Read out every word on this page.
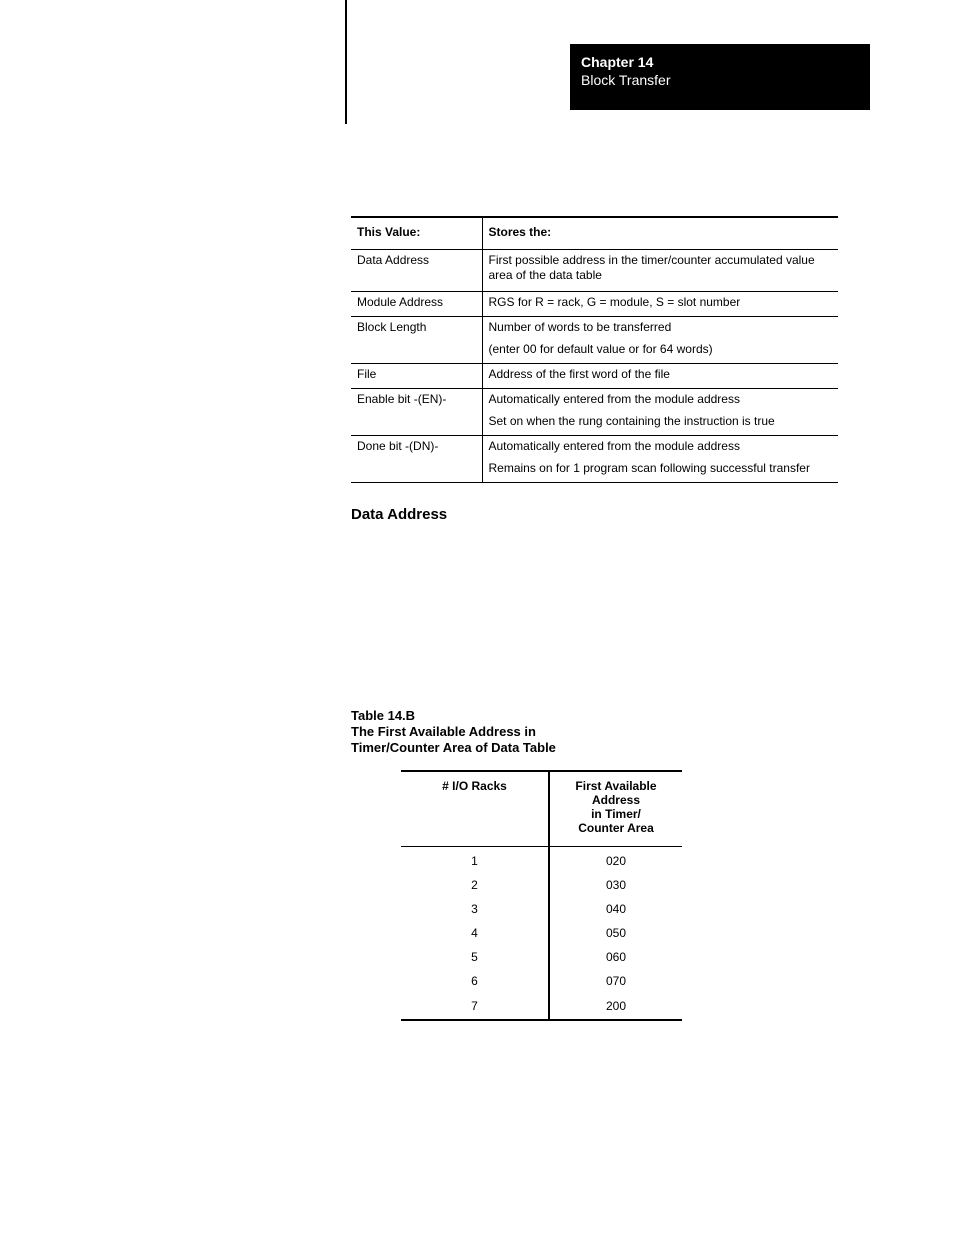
Chapter 14
Block Transfer
This Value:	Stores the:
Data Address	First possible address in the timer/counter accumulated value area of the data table
Module Address	RGS for R = rack, G = module, S = slot number
Block Length	Number of words to be transferred
(enter 00 for default value or for 64 words)

File	Address of the first word of the file
Enable bit -(EN)-	Automatically entered from the module address
Set on when the rung containing the instruction is true

Done bit -(DN)-	Automatically entered from the module address
Remains on for 1 program scan following successful transfer
Data Address
Table 14.B
The First Available Address in
Timer/Counter Area of Data Table
# I/O Racks	First Available
Address
in Timer/
Counter Area

1	020
2	030
3	040
4	050
5	060
6	070
7	200
